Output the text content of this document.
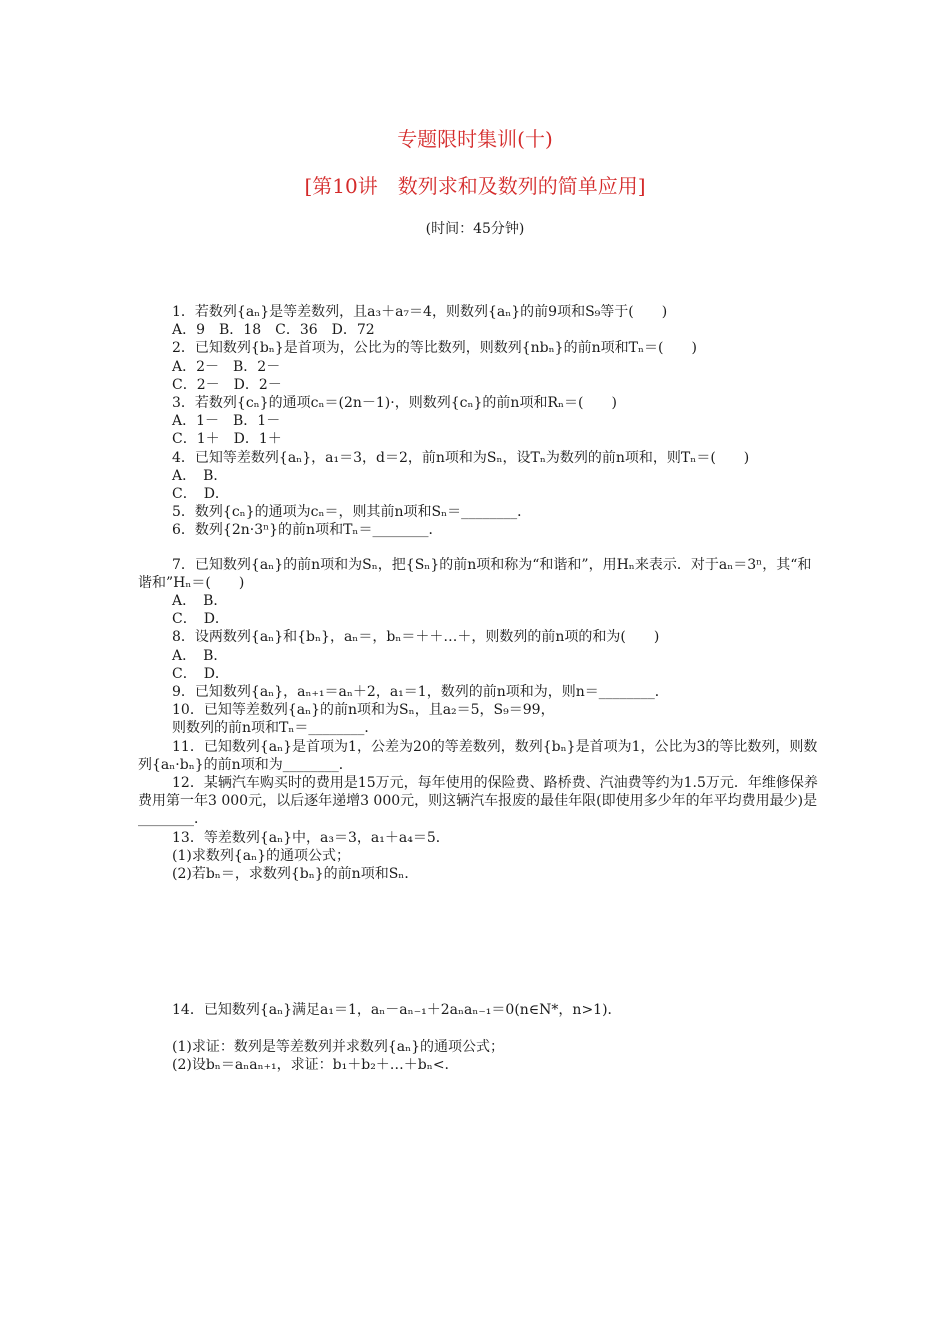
专题限时集训(十)
[第10讲　数列求和及数列的简单应用]
(时间：45分钟)
1．若数列{aₙ}是等差数列，且a₃＋a₇＝4，则数列{aₙ}的前9项和S₉等于(　　)
A．9　B．18　C．36　D．72
2．已知数列{bₙ}是首项为，公比为的等比数列，则数列{nbₙ}的前n项和Tₙ＝(　　)
A．2－　B．2－
C．2－　D．2－
3．若数列{cₙ}的通项cₙ＝(2n－1)·，则数列{cₙ}的前n项和Rₙ＝(　　)
A．1－　B．1－
C．1＋　D．1＋
4．已知等差数列{aₙ}，a₁＝3，d＝2，前n项和为Sₙ，设Tₙ为数列的前n项和，则Tₙ＝(　　)
A．　B．
C．　D．
5．数列{cₙ}的通项为cₙ＝，则其前n项和Sₙ＝________．
6．数列{2n·3ⁿ}的前n项和Tₙ＝________．
7．已知数列{aₙ}的前n项和为Sₙ，把{Sₙ}的前n项和称为“和谐和”，用Hₙ来表示．对于aₙ＝3ⁿ，其“和谐和”Hₙ＝(　　)
A．　B．
C．　D．
8．设两数列{aₙ}和{bₙ}，aₙ＝，bₙ＝＋＋…＋，则数列的前n项的和为(　　)
A．　B．
C．　D．
9．已知数列{aₙ}，aₙ₊₁＝aₙ＋2，a₁＝1，数列的前n项和为，则n＝________．
10．已知等差数列{aₙ}的前n项和为Sₙ，且a₂＝5，S₉＝99，
则数列的前n项和Tₙ＝________．
11．已知数列{aₙ}是首项为1，公差为20的等差数列，数列{bₙ}是首项为1，公比为3的等比数列，则数列{aₙ·bₙ}的前n项和为________．
12．某辆汽车购买时的费用是15万元，每年使用的保险费、路桥费、汽油费等约为1.5万元．年维修保养费用第一年3 000元，以后逐年递增3 000元，则这辆汽车报废的最佳年限(即使用多少年的年平均费用最少)是________．
13．等差数列{aₙ}中，a₃＝3，a₁＋a₄＝5．
(1)求数列{aₙ}的通项公式；
(2)若bₙ＝，求数列{bₙ}的前n项和Sₙ．
14．已知数列{aₙ}满足a₁＝1，aₙ－aₙ₋₁＋2aₙaₙ₋₁＝0(n∈N*，n>1)．
(1)求证：数列是等差数列并求数列{aₙ}的通项公式；
(2)设bₙ＝aₙaₙ₊₁，求证：b₁＋b₂＋…＋bₙ<.
